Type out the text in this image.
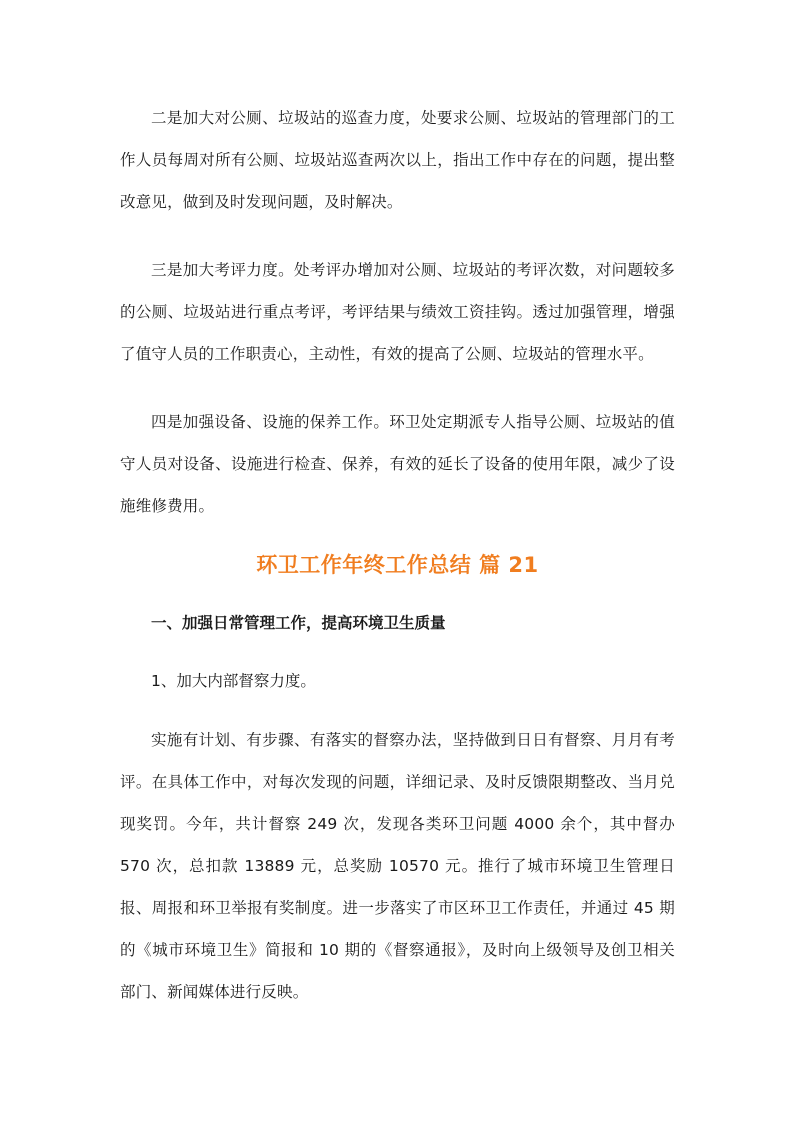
二是加大对公厕、垃圾站的巡查力度，处要求公厕、垃圾站的管理部门的工作人员每周对所有公厕、垃圾站巡查两次以上，指出工作中存在的问题，提出整改意见，做到及时发现问题，及时解决。

三是加大考评力度。处考评办增加对公厕、垃圾站的考评次数，对问题较多的公厕、垃圾站进行重点考评，考评结果与绩效工资挂钩。透过加强管理，增强了值守人员的工作职责心，主动性，有效的提高了公厕、垃圾站的管理水平。

四是加强设备、设施的保养工作。环卫处定期派专人指导公厕、垃圾站的值守人员对设备、设施进行检查、保养，有效的延长了设备的使用年限，减少了设施维修费用。

环卫工作年终工作总结 篇 21

一、加强日常管理工作，提高环境卫生质量

1、加大内部督察力度。

实施有计划、有步骤、有落实的督察办法，坚持做到日日有督察、月月有考评。在具体工作中，对每次发现的问题，详细记录、及时反馈限期整改、当月兑现奖罚。今年，共计督察 249 次，发现各类环卫问题 4000 余个，其中督办 570 次，总扣款 13889 元，总奖励 10570 元。推行了城市环境卫生管理日报、周报和环卫举报有奖制度。进一步落实了市区环卫工作责任，并通过 45 期的《城市环境卫生》简报和 10 期的《督察通报》，及时向上级领导及创卫相关部门、新闻媒体进行反映。
